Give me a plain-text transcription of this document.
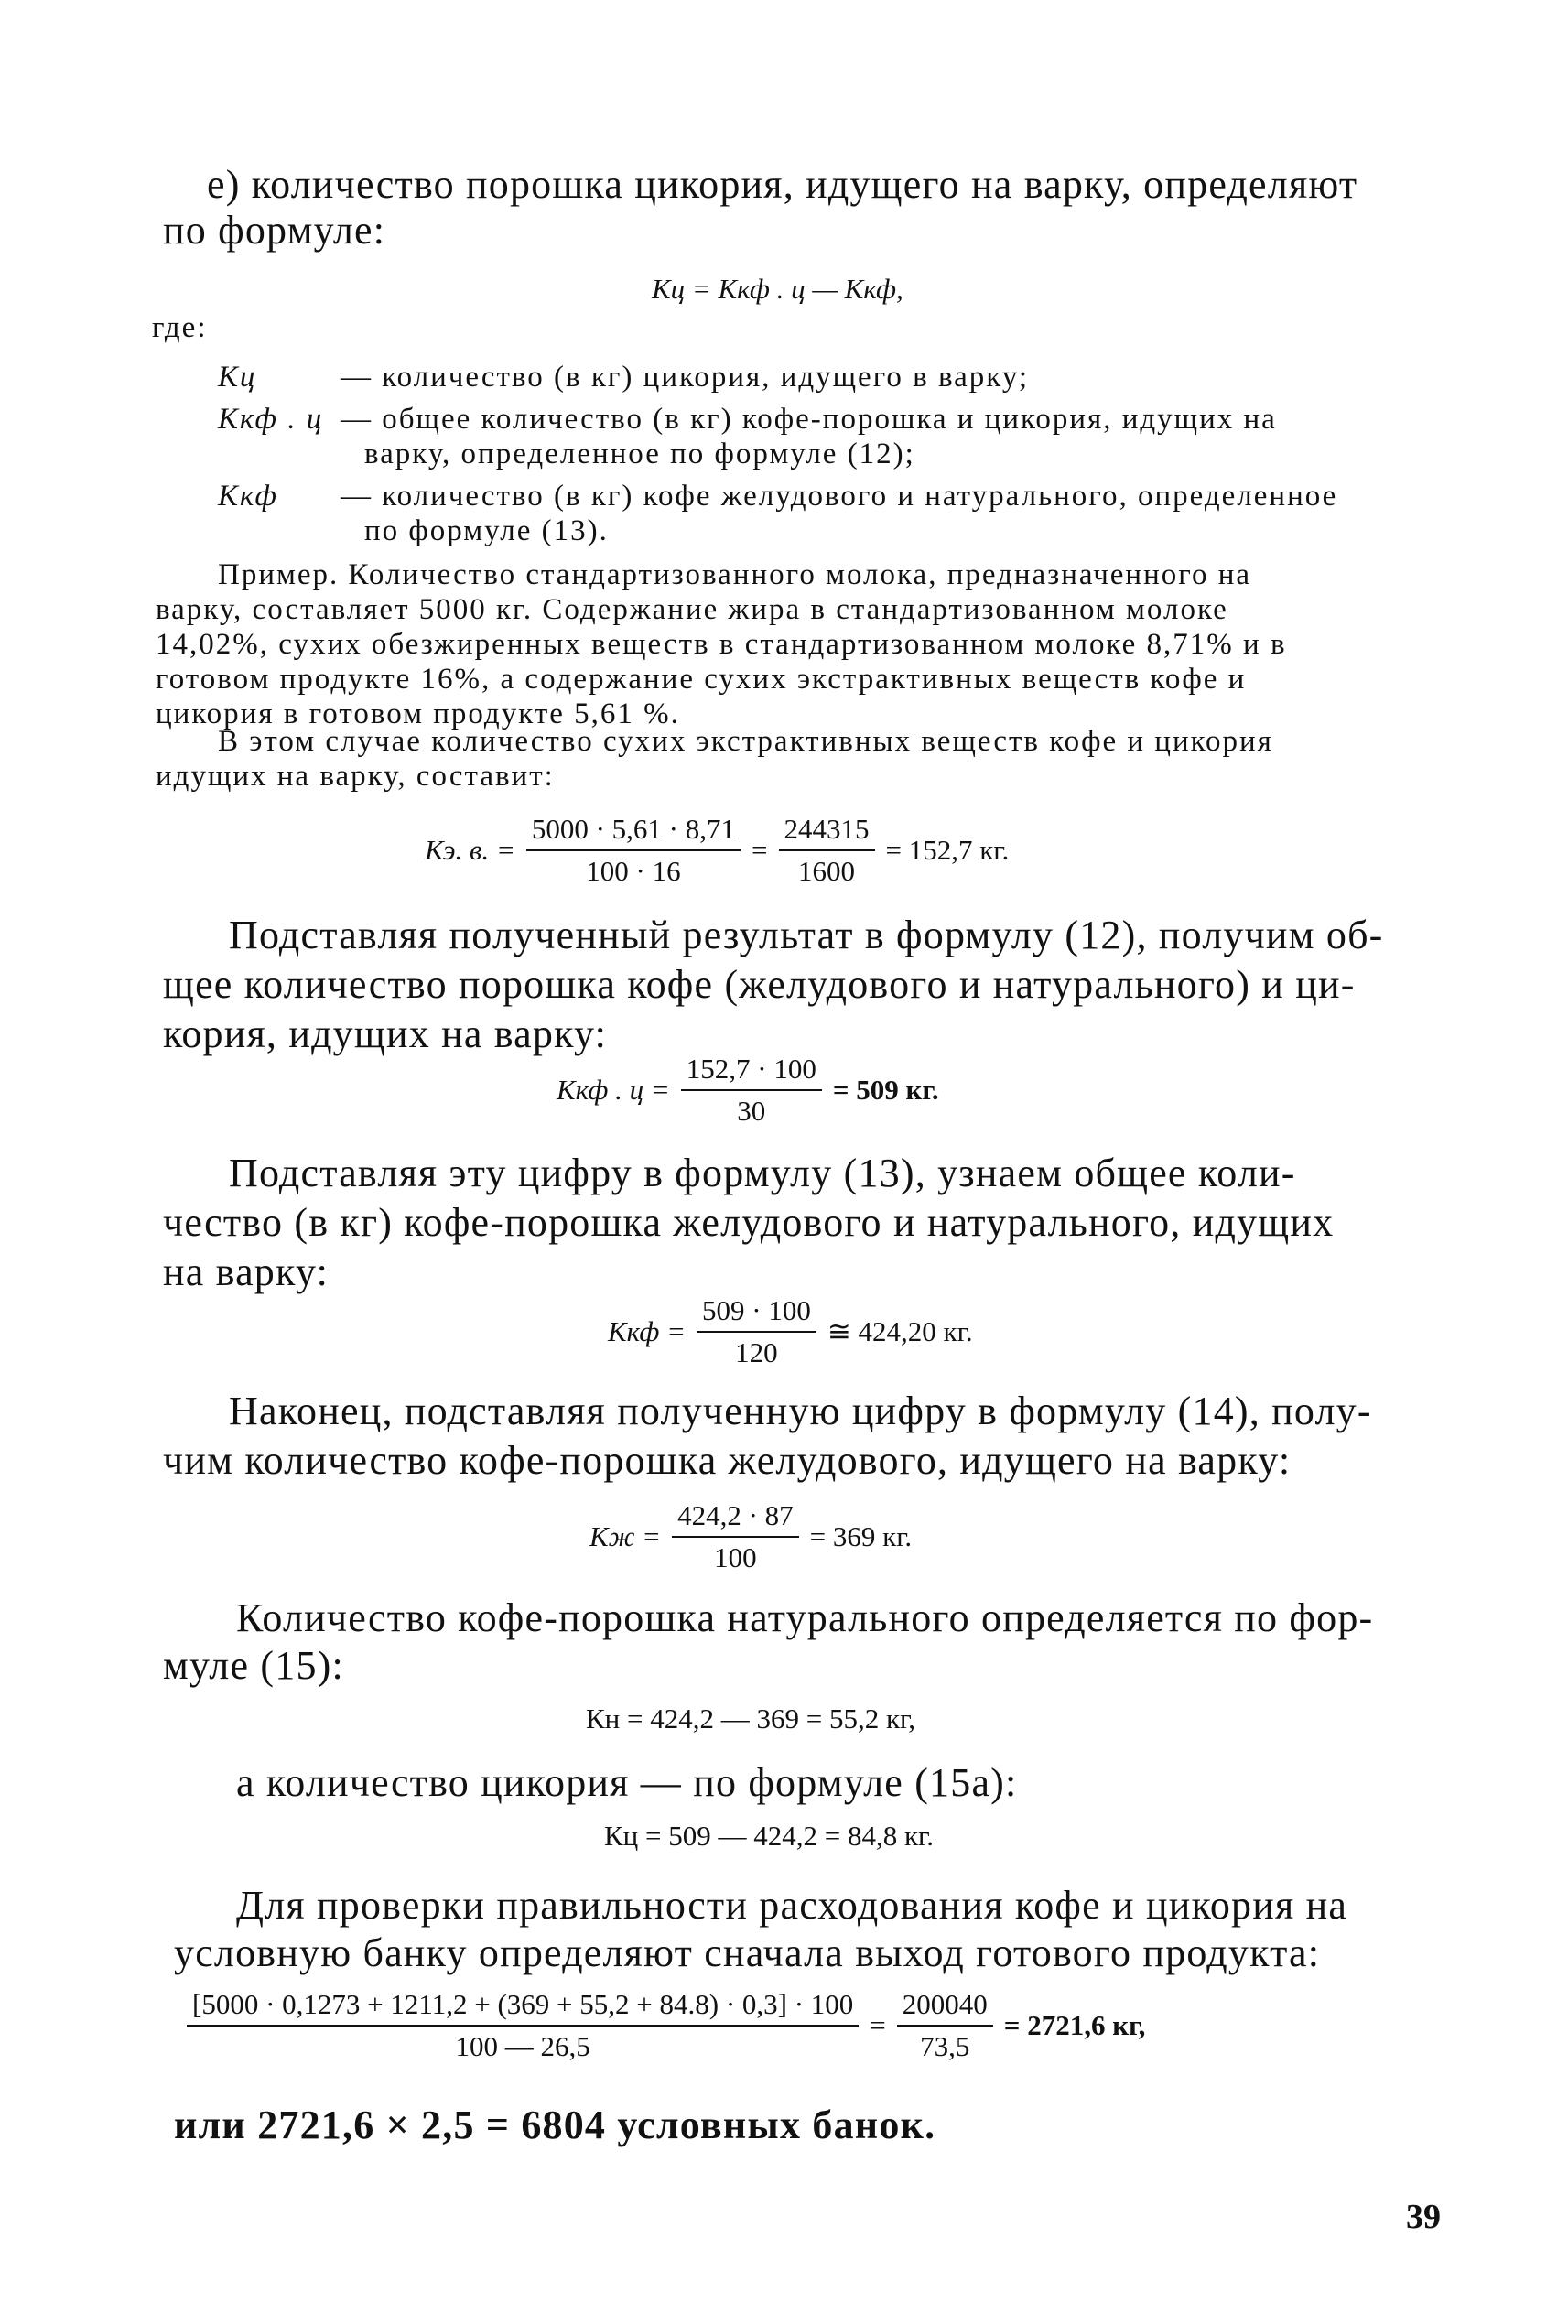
е) количество порошка цикория, идущего на варку, определяют
по формуле:
Кц = Ккф . ц — Ккф,
где:
Кц	— количество (в кг) цикория, идущего в варку;
Ккф . ц — общее количество (в кг) кофе-порошка и цикория, идущих на
варку, определенное по формуле (12);
Ккф — количество (в кг) кофе желудового и натурального, определенное
по формуле (13).
Пример. Количество стандартизованного молока, предназначенного на
варку, составляет 5000 кг. Содержание жира в стандартизованном молоке
14,02%, сухих обезжиренных веществ в стандартизованном молоке 8,71% и в
готовом продукте 16%, а содержание сухих экстрактивных веществ кофе и
цикория в готовом продукте 5,61 %.
В этом случае количество сухих экстрактивных веществ кофе и цикория
идущих на варку, составит:
Кэ. в. = $\frac{5000 \cdot 5,61 \cdot 8,71}{100 \cdot 16} = \frac{244315}{1600} = 152,7$ кг.
Подставляя полученный результат в формулу (12), получим об-
щее количество порошка кофе (желудового и натурального) и ци-
кория, идущих на варку:
Ккф . $ц = \frac{152,7 \cdot 100}{30} = 509$ кг.
Подставляя эту цифру в формулу (13), узнаем общее коли-
чество (в кг) кофе-порошка желудового и натурального, идущих
на варку:
Ккф = $\frac{509 \cdot 100}{120}$ ≅ 424,20 кг.
Наконец, подставляя полученную цифру в формулу (14), полу-
чим количество кофе-порошка желудового, идущего на варку:
Кж = $\frac{424,2 \cdot 87}{100} = 369$ кг.
Количество кофе-порошка натурального определяется по фор-
муле (15):
Кн = 424,2 — 369 = 55,2 кг,
а количество цикория — по формуле (15а):
Кц = 509 — 424,2 = 84,8 кг.
Для проверки правильности расходования кофе и цикория на
условную банку определяют сначала выход готового продукта:
$\frac{[5000 \cdot 0,1273 + 1211,2 + (369 + 55,2 + 84.8) \cdot 0,3] \cdot 100}{100 — 26,5} = \frac{200040}{73,5} = 2721,6$ кг,
или 2721,6 × 2,5 = 6804 условных банок.
39
